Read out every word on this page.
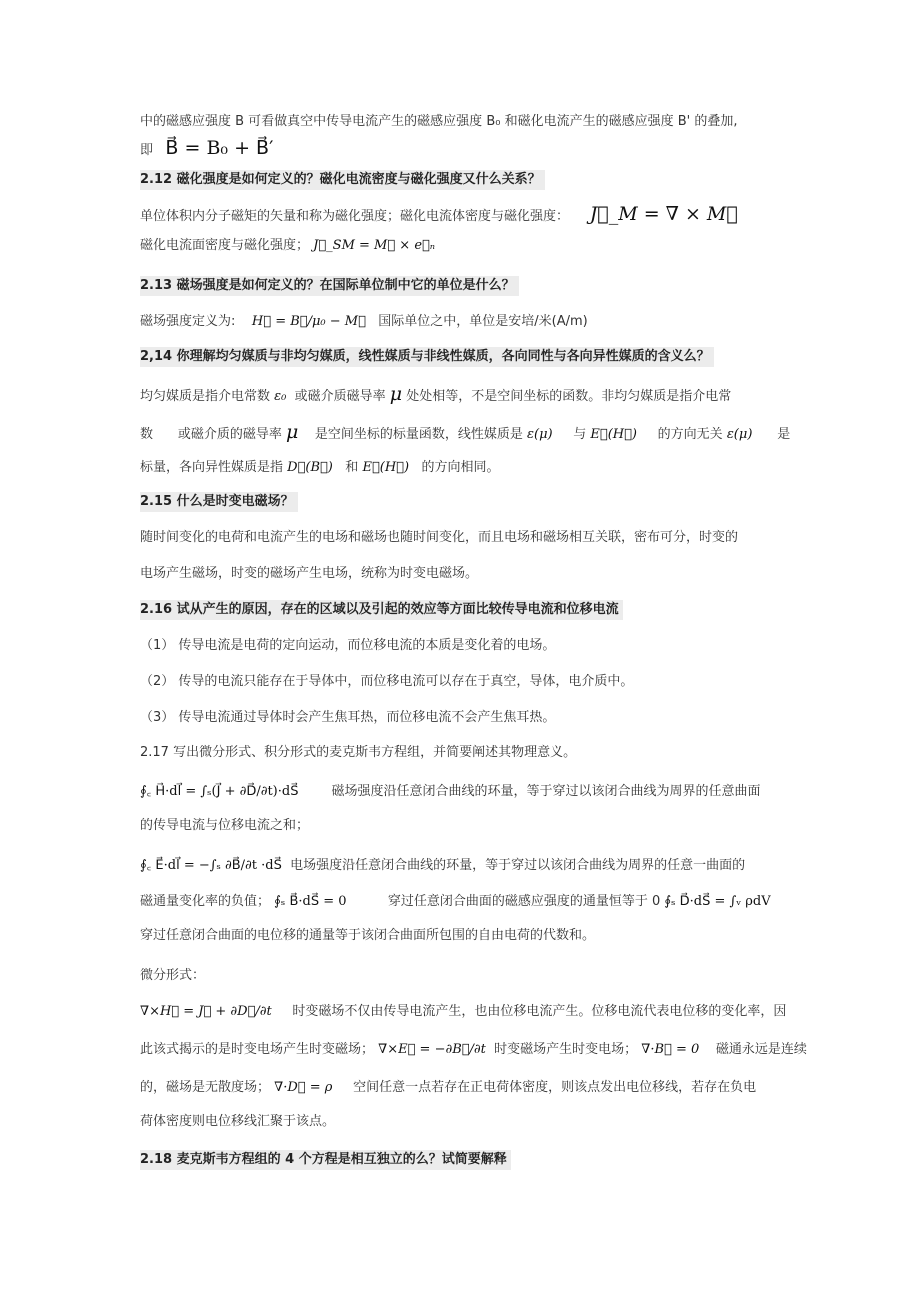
中的磁感应强度 B 可看做真空中传导电流产生的磁感应强度 B₀ 和磁化电流产生的磁感应强度 B' 的叠加,
即 B⃗ = B₀ + B⃗′
2.12 磁化强度是如何定义的？磁化电流密度与磁化强度又什么关系？
单位体积内分子磁矩的矢量和称为磁化强度；磁化电流体密度与磁化强度： J⃗_M = ∇ × M⃗
磁化电流面密度与磁化强度； J⃗_SM = M⃗ × e⃗ₙ
2.13 磁场强度是如何定义的？在国际单位制中它的单位是什么？
磁场强度定义为: H⃗ = B⃗/μ₀ − M⃗ 国际单位之中，单位是安培/米(A/m)
2,14 你理解均匀媒质与非均匀媒质，线性媒质与非线性媒质，各向同性与各向异性媒质的含义么？
均匀媒质是指介电常数 ε₀ 或磁介质磁导率 μ 处处相等，不是空间坐标的函数。非均匀媒质是指介电常
数 或磁介质的磁导率 μ 是空间坐标的标量函数，线性媒质是 ε(μ) 与 E⃗(H⃗) 的方向无关 ε(μ) 是
标量，各向异性媒质是指 D⃗(B⃗) 和 E⃗(H⃗) 的方向相同。
2.15 什么是时变电磁场？
随时间变化的电荷和电流产生的电场和磁场也随时间变化，而且电场和磁场相互关联，密布可分，时变的
电场产生磁场，时变的磁场产生电场，统称为时变电磁场。
2.16 试从产生的原因，存在的区域以及引起的效应等方面比较传导电流和位移电流
（1） 传导电流是电荷的定向运动，而位移电流的本质是变化着的电场。
（2） 传导的电流只能存在于导体中，而位移电流可以存在于真空，导体，电介质中。
（3） 传导电流通过导体时会产生焦耳热，而位移电流不会产生焦耳热。
2.17 写出微分形式、积分形式的麦克斯韦方程组，并简要阐述其物理意义。
∮꜀ H⃗·dl⃗ = ∫ₛ(J⃗ + ∂D⃗/∂t)·dS⃗	磁场强度沿任意闭合曲线的环量，等于穿过以该闭合曲线为周界的任意曲面
的传导电流与位移电流之和；
∮꜀ E⃗·dl⃗ = −∫ₛ ∂B⃗/∂t ·dS⃗ 电场强度沿任意闭合曲线的环量，等于穿过以该闭合曲线为周界的任意一曲面的
磁通量变化率的负值； ∮ₛ B⃗·dS⃗ = 0	穿过任意闭合曲面的磁感应强度的通量恒等于 0 ∮ₛ D⃗·dS⃗ = ∫ᵥ ρdV
穿过任意闭合曲面的电位移的通量等于该闭合曲面所包围的自由电荷的代数和。
微分形式：
∇×H⃗ = J⃗ + ∂D⃗/∂t 时变磁场不仅由传导电流产生，也由位移电流产生。位移电流代表电位移的变化率，因
此该式揭示的是时变电场产生时变磁场； ∇×E⃗ = −∂B⃗/∂t 时变磁场产生时变电场； ∇·B⃗ = 0 磁通永远是连续
的，磁场是无散度场； ∇·D⃗ = ρ 空间任意一点若存在正电荷体密度，则该点发出电位移线，若存在负电
荷体密度则电位移线汇聚于该点。
2.18 麦克斯韦方程组的 4 个方程是相互独立的么？试简要解释
